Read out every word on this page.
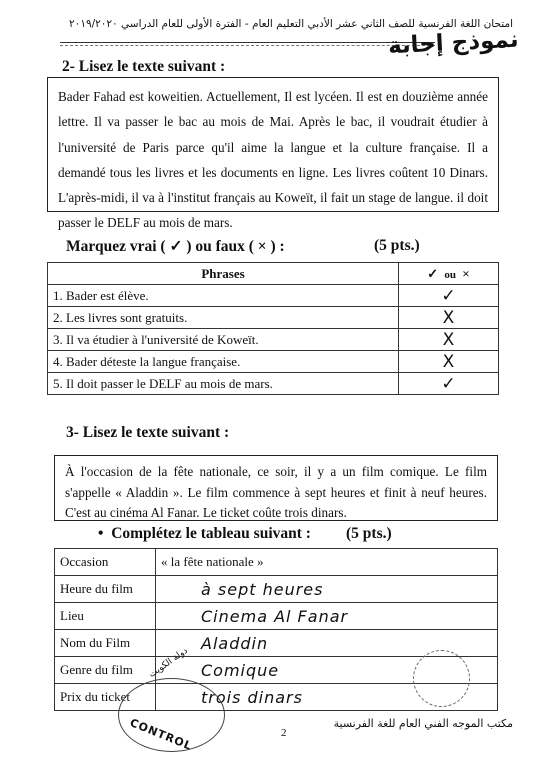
امتحان اللغة الفرنسية للصف الثاني عشر الأدبي التعليم العام - الفترة الأولى للعام الدراسي ٢٠١٩/٢٠٢٠
نموذج إجابة
2- Lisez le texte suivant :
Bader Fahad est koweitien. Actuellement, Il est lycéen. Il est en douzième année lettre. Il va passer le bac au mois de Mai. Après le bac, il voudrait étudier à l'université de Paris parce qu'il aime la langue et la culture française. Il a demandé tous les livres et les documents en ligne. Les livres coûtent 10 Dinars. L'après-midi, il va à l'institut français au Koweït, il fait un stage de langue. il doit passer le DELF au mois de mars.
Marquez vrai ( ✓ ) ou faux ( × ) :	(5 pts.)
Phrases	✓ ou ×
1. Bader est élève.	✓
2. Les livres sont gratuits.	X
3. Il va étudier à l'université de Koweït.	X
4. Bader déteste la langue française.	X
5. Il doit passer le DELF au mois de mars.	✓
3- Lisez le texte suivant :
À l'occasion de la fête nationale, ce soir, il y a un film comique. Le film s'appelle « Aladdin ». Le film commence à sept heures et finit à neuf heures. C'est au cinéma Al Fanar. Le ticket coûte trois dinars.
•  Complétez le tableau suivant : (5 pts.)
Occasion	« la fête nationale »
Heure du film	à sept heures
Lieu	Cinema Al Fanar
Nom du Film	Aladdin
Genre du film	Comique
Prix du ticket	trois dinars
دولة الكويت
CONTROL	2
مكتب الموجه الفني العام للغة الفرنسية
